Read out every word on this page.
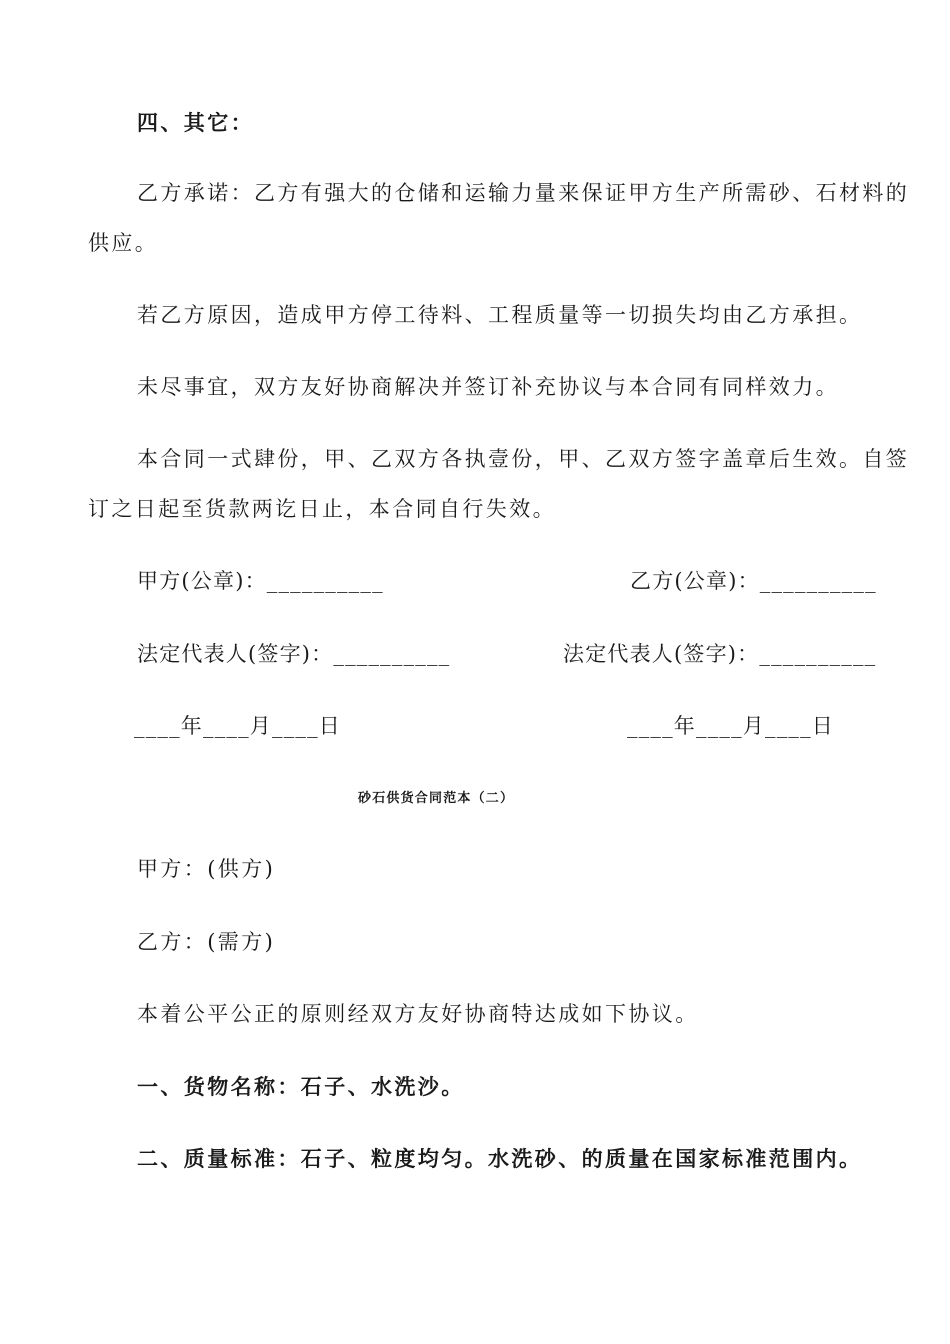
四、其它：
乙方承诺：乙方有强大的仓储和运输力量来保证甲方生产所需砂、石材料的
供应。
若乙方原因，造成甲方停工待料、工程质量等一切损失均由乙方承担。
未尽事宜，双方友好协商解决并签订补充协议与本合同有同样效力。
本合同一式肆份，甲、乙双方各执壹份，甲、乙双方签字盖章后生效。自签
订之日起至货款两讫日止，本合同自行失效。
甲方(公章)：__________	乙方(公章)：__________
法定代表人(签字)：__________	法定代表人(签字)：__________
____年____月____日	____年____月____日
砂石供货合同范本（二）
甲方：(供方)
乙方：(需方)
本着公平公正的原则经双方友好协商特达成如下协议。
一、货物名称：石子、水洗沙。
二、质量标准：石子、粒度均匀。水洗砂、的质量在国家标准范围内。
